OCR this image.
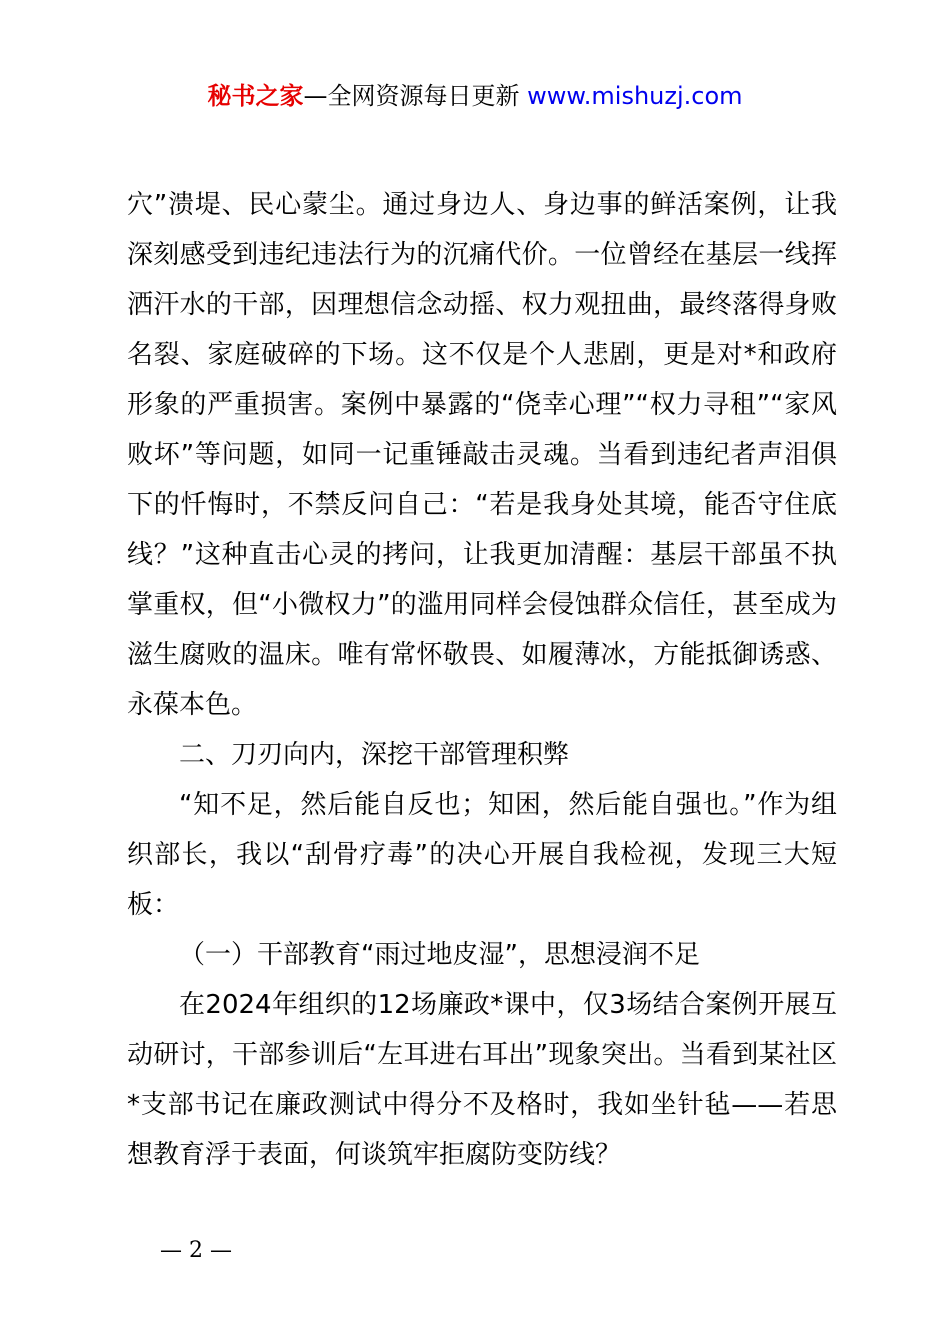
秘书之家—全网资源每日更新 www.mishuzj.com

穴”溃堤、民心蒙尘。通过身边人、身边事的鲜活案例，让我深刻感受到违纪违法行为的沉痛代价。一位曾经在基层一线挥洒汗水的干部，因理想信念动摇、权力观扭曲，最终落得身败名裂、家庭破碎的下场。这不仅是个人悲剧，更是对*和政府形象的严重损害。案例中暴露的“侥幸心理”“权力寻租”“家风败坏”等问题，如同一记重锤敲击灵魂。当看到违纪者声泪俱下的忏悔时，不禁反问自己：“若是我身处其境，能否守住底线？”这种直击心灵的拷问，让我更加清醒：基层干部虽不执掌重权，但“小微权力”的滥用同样会侵蚀群众信任，甚至成为滋生腐败的温床。唯有常怀敬畏、如履薄冰，方能抵御诱惑、永葆本色。

二、刀刃向内，深挖干部管理积弊

“知不足，然后能自反也；知困，然后能自强也。”作为组织部长，我以“刮骨疗毒”的决心开展自我检视，发现三大短板：

（一）干部教育“雨过地皮湿”，思想浸润不足

在2024年组织的12场廉政*课中，仅3场结合案例开展互动研讨，干部参训后“左耳进右耳出”现象突出。当看到某社区*支部书记在廉政测试中得分不及格时，我如坐针毡——若思想教育浮于表面，何谈筑牢拒腐防变防线？

— 2 —
